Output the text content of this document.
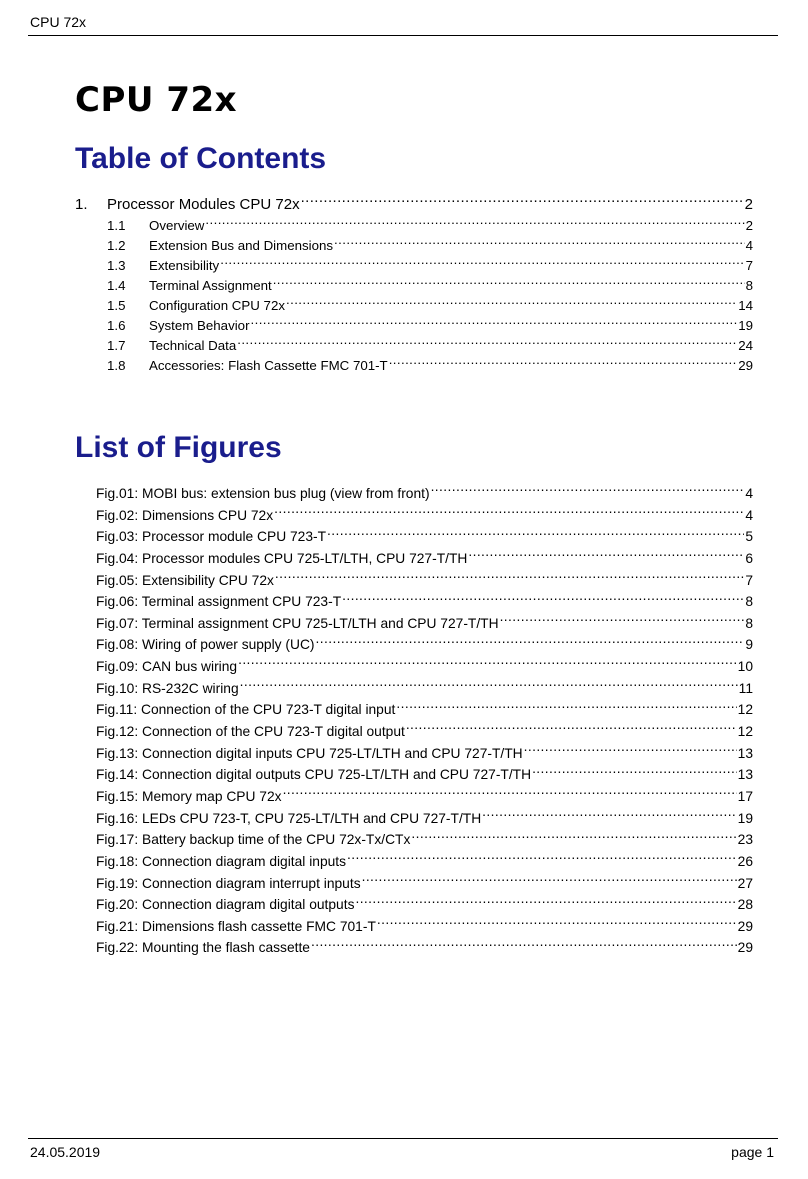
CPU 72x
CPU 72x
Table of Contents
1.	Processor Modules CPU 72x .....	2
1.1	Overview .....	2
1.2	Extension Bus and Dimensions .....	4
1.3	Extensibility .....	7
1.4	Terminal Assignment .....	8
1.5	Configuration CPU 72x .....	14
1.6	System Behavior .....	19
1.7	Technical Data .....	24
1.8	Accessories: Flash Cassette FMC 701-T .....	29
List of Figures
Fig.01: MOBI bus: extension bus plug (view from front) .....	4
Fig.02: Dimensions CPU 72x .....	4
Fig.03: Processor module CPU 723-T .....	5
Fig.04: Processor modules CPU 725-LT/LTH, CPU 727-T/TH .....	6
Fig.05: Extensibility CPU 72x .....	7
Fig.06: Terminal assignment CPU 723-T .....	8
Fig.07: Terminal assignment CPU 725-LT/LTH and CPU 727-T/TH .....	8
Fig.08: Wiring of power supply (UC) .....	9
Fig.09: CAN bus wiring .....	10
Fig.10: RS-232C wiring .....	11
Fig.11: Connection of the CPU 723-T digital input .....	12
Fig.12: Connection of the CPU 723-T digital output .....	12
Fig.13: Connection digital inputs CPU 725-LT/LTH and CPU 727-T/TH .....	13
Fig.14: Connection digital outputs CPU 725-LT/LTH and CPU 727-T/TH .....	13
Fig.15: Memory map CPU 72x .....	17
Fig.16: LEDs CPU 723-T, CPU 725-LT/LTH and CPU 727-T/TH .....	19
Fig.17: Battery backup time of the CPU 72x-Tx/CTx .....	23
Fig.18: Connection diagram digital inputs .....	26
Fig.19: Connection diagram interrupt inputs .....	27
Fig.20: Connection diagram digital outputs .....	28
Fig.21: Dimensions flash cassette FMC 701-T .....	29
Fig.22: Mounting the flash cassette .....	29
24.05.2019	page 1
